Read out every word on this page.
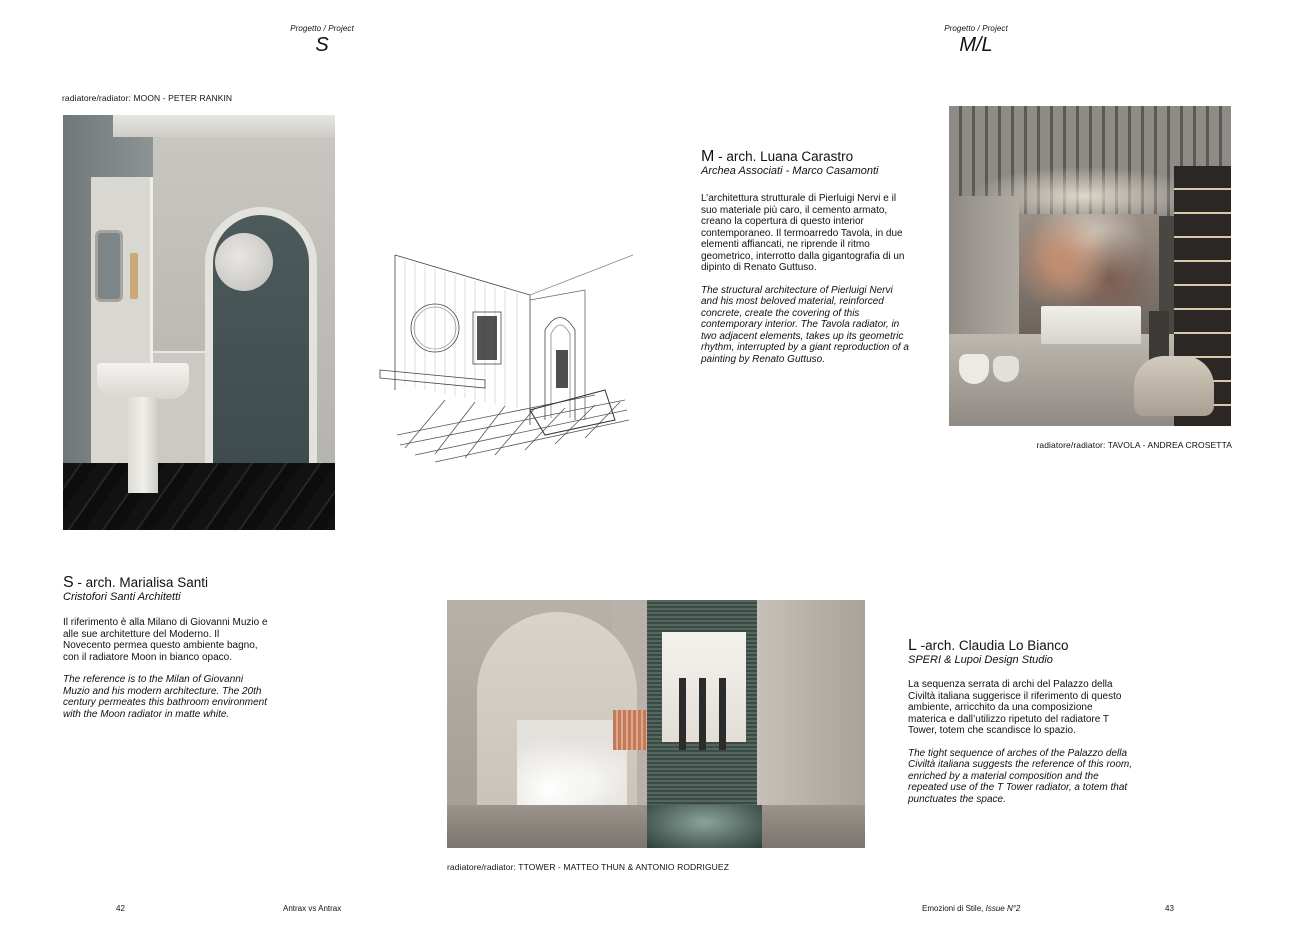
Progetto / Project
S
Progetto / Project
M/L
radiatore/radiator: MOON - PETER RANKIN
M - arch. Luana Carastro
Archea Associati - Marco Casamonti

L’architettura strutturale di Pierluigi Nervi e il suo materiale più caro, il cemento armato, creano la copertura di questo interior contemporaneo. Il termoarredo Tavola, in due elementi affiancati, ne riprende il ritmo geometrico, interrotto dalla gigantografia di un dipinto di Renato Guttuso.

The structural architecture of Pierluigi Nervi and his most beloved material, reinforced concrete, create the covering of this contemporary interior. The Tavola radiator, in two adjacent elements, takes up its geometric rhythm, interrupted by a giant reproduction of a painting by Renato Guttuso.

radiatore/radiator: TAVOLA - ANDREA CROSETTA
S - arch. Marialisa Santi
Cristofori Santi Architetti

Il riferimento è alla Milano di Giovanni Muzio e alle sue architetture del Moderno. Il Novecento permea questo ambiente bagno, con il radiatore Moon in bianco opaco.

The reference is to the Milan of Giovanni Muzio and his modern architecture. The 20th century permeates this bathroom environment with the Moon radiator in matte white.

radiatore/radiator: TTOWER - MATTEO THUN & ANTONIO RODRIGUEZ
L -arch. Claudia Lo Bianco
SPERI & Lupoi Design Studio

La sequenza serrata di archi del Palazzo della Civiltà italiana suggerisce il riferimento di questo ambiente, arricchito da una composizione materica e dall’utilizzo ripetuto del radiatore T Tower, totem che scandisce lo spazio.

The tight sequence of arches of the Palazzo della Civiltà italiana suggests the reference of this room, enriched by a material composition and the repeated use of the T Tower radiator, a totem that punctuates the space.

42	Antrax vs Antrax	Emozioni di Stile, Issue N°2	43
